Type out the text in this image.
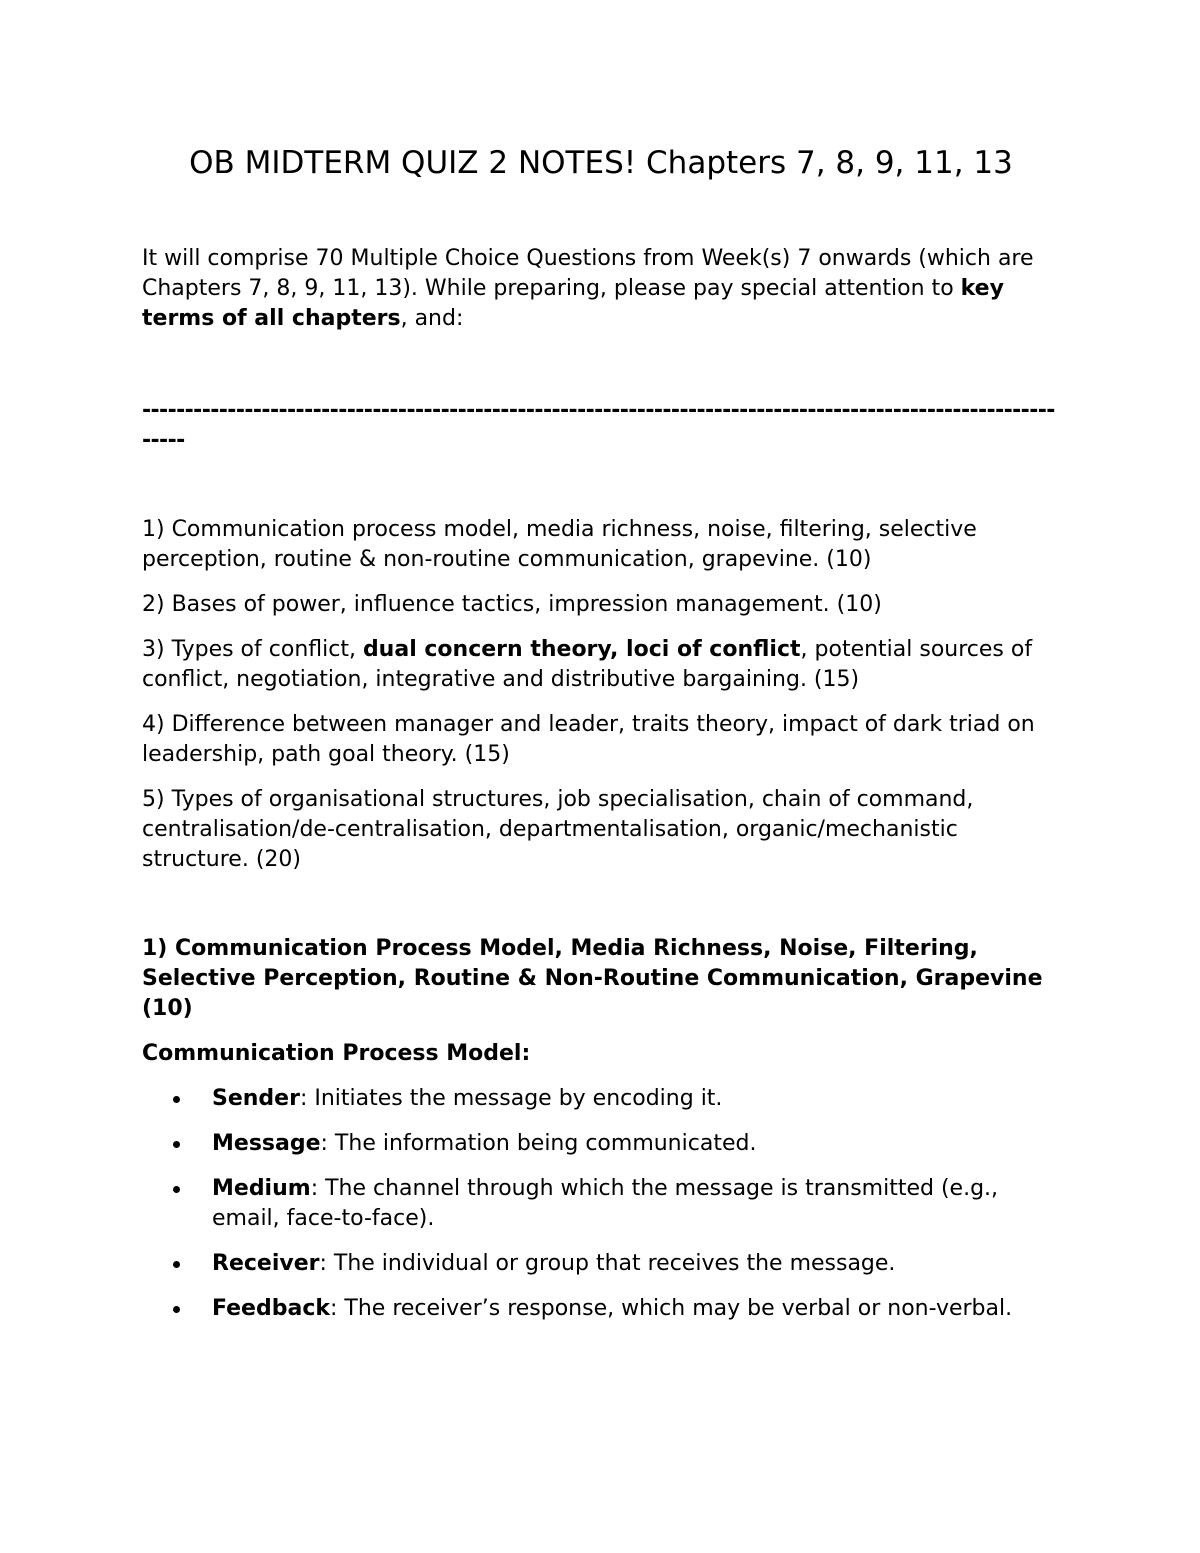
OB MIDTERM QUIZ 2 NOTES! Chapters 7, 8, 9, 11, 13

It will comprise 70 Multiple Choice Questions from Week(s) 7 onwards (which are Chapters 7, 8, 9, 11, 13). While preparing, please pay special attention to key terms of all chapters, and:

----------------------------------------------------------------------------------------------------------------

1) Communication process model, media richness, noise, filtering, selective perception, routine & non-routine communication, grapevine. (10)

2) Bases of power, influence tactics, impression management. (10)

3) Types of conflict, dual concern theory, loci of conflict, potential sources of conflict, negotiation, integrative and distributive bargaining. (15)

4) Difference between manager and leader, traits theory, impact of dark triad on leadership, path goal theory. (15)

5) Types of organisational structures, job specialisation, chain of command, centralisation/de-centralisation, departmentalisation, organic/mechanistic structure. (20)

1) Communication Process Model, Media Richness, Noise, Filtering, Selective Perception, Routine & Non-Routine Communication, Grapevine (10)

Communication Process Model:

Sender: Initiates the message by encoding it.
Message: The information being communicated.
Medium: The channel through which the message is transmitted (e.g., email, face-to-face).
Receiver: The individual or group that receives the message.
Feedback: The receiver’s response, which may be verbal or non-verbal.
